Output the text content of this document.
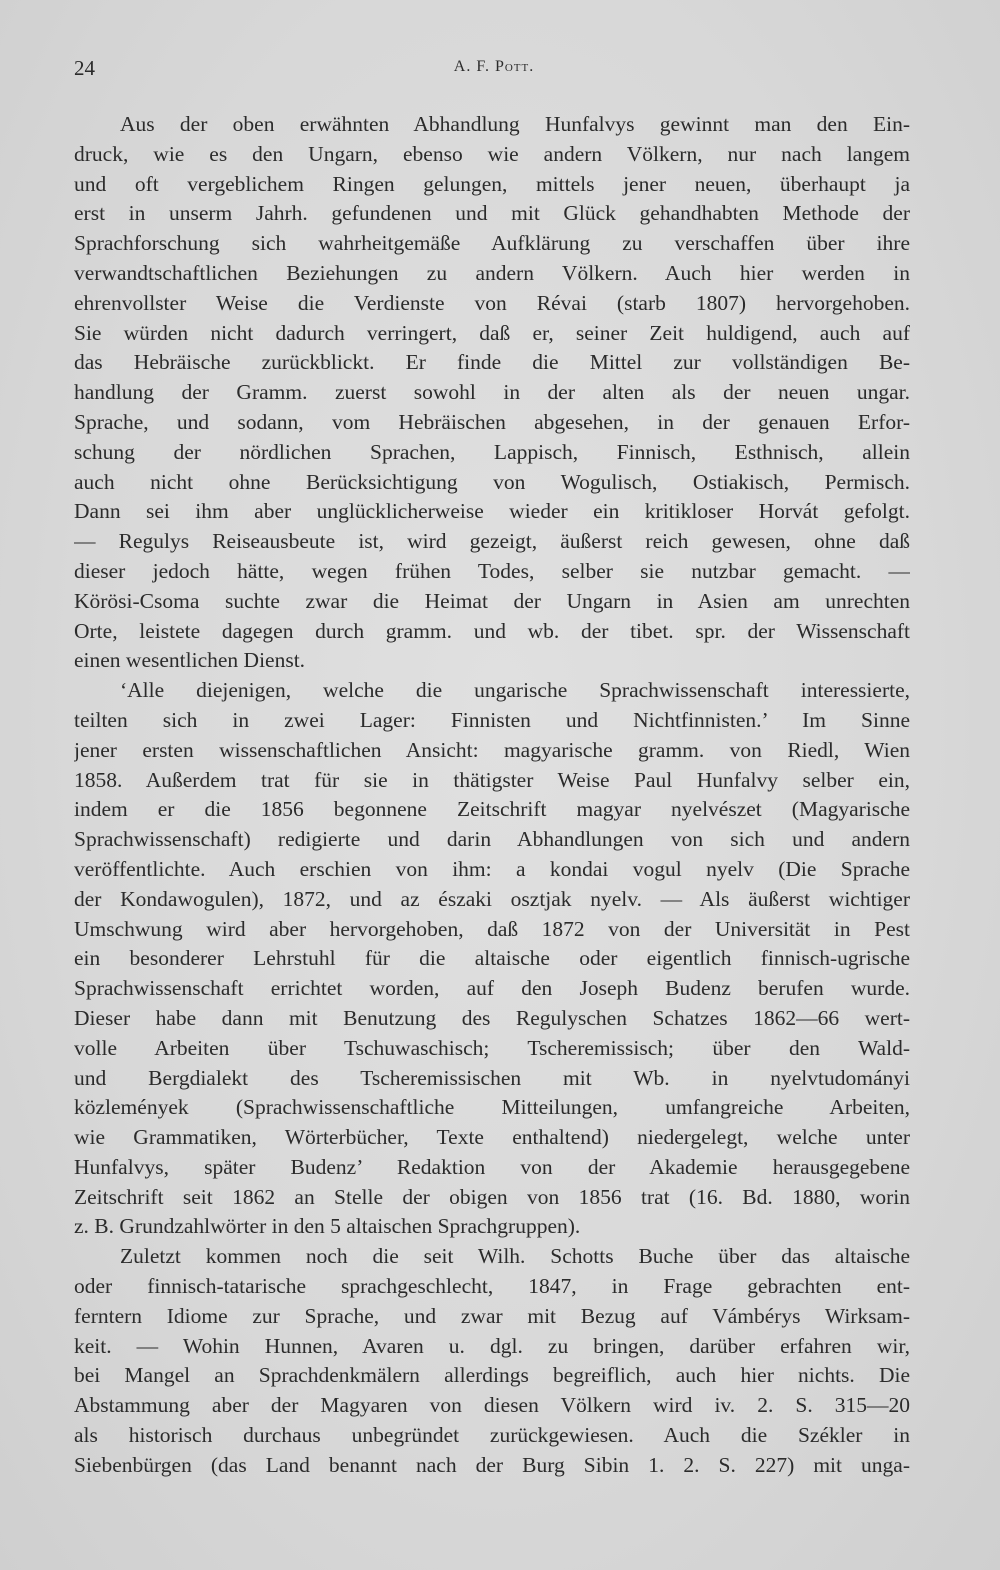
24	A. F. Pott.
Aus der oben erwähnten Abhandlung Hunfalvys gewinnt man den Ein-
druck, wie es den Ungarn, ebenso wie andern Völkern, nur nach langem
und oft vergeblichem Ringen gelungen, mittels jener neuen, überhaupt ja
erst in unserm Jahrh. gefundenen und mit Glück gehandhabten Methode der
Sprachforschung sich wahrheitgemäße Aufklärung zu verschaffen über ihre
verwandtschaftlichen Beziehungen zu andern Völkern. Auch hier werden in
ehrenvollster Weise die Verdienste von Révai (starb 1807) hervorgehoben.
Sie würden nicht dadurch verringert, daß er, seiner Zeit huldigend, auch auf
das Hebräische zurückblickt. Er finde die Mittel zur vollständigen Be-
handlung der Gramm. zuerst sowohl in der alten als der neuen ungar.
Sprache, und sodann, vom Hebräischen abgesehen, in der genauen Erfor-
schung der nördlichen Sprachen, Lappisch, Finnisch, Esthnisch, allein
auch nicht ohne Berücksichtigung von Wogulisch, Ostiakisch, Permisch.
Dann sei ihm aber unglücklicherweise wieder ein kritikloser Horvát gefolgt.
— Regulys Reiseausbeute ist, wird gezeigt, äußerst reich gewesen, ohne daß
dieser jedoch hätte, wegen frühen Todes, selber sie nutzbar gemacht. —
Körösi-Csoma suchte zwar die Heimat der Ungarn in Asien am unrechten
Orte, leistete dagegen durch gramm. und wb. der tibet. spr. der Wissenschaft
einen wesentlichen Dienst.
‘Alle diejenigen, welche die ungarische Sprachwissenschaft interessierte,
teilten sich in zwei Lager: Finnisten und Nichtfinnisten.’ Im Sinne
jener ersten wissenschaftlichen Ansicht: magyarische gramm. von Riedl, Wien
1858. Außerdem trat für sie in thätigster Weise Paul Hunfalvy selber ein,
indem er die 1856 begonnene Zeitschrift magyar nyelvészet (Magyarische
Sprachwissenschaft) redigierte und darin Abhandlungen von sich und andern
veröffentlichte. Auch erschien von ihm: a kondai vogul nyelv (Die Sprache
der Kondawogulen), 1872, und az északi osztjak nyelv. — Als äußerst wichtiger
Umschwung wird aber hervorgehoben, daß 1872 von der Universität in Pest
ein besonderer Lehrstuhl für die altaische oder eigentlich finnisch-ugrische
Sprachwissenschaft errichtet worden, auf den Joseph Budenz berufen wurde.
Dieser habe dann mit Benutzung des Regulyschen Schatzes 1862—66 wert-
volle Arbeiten über Tschuwaschisch; Tscheremissisch; über den Wald-
und Bergdialekt des Tscheremissischen mit Wb. in nyelvtudományi
közlemények (Sprachwissenschaftliche Mitteilungen, umfangreiche Arbeiten,
wie Grammatiken, Wörterbücher, Texte enthaltend) niedergelegt, welche unter
Hunfalvys, später Budenz’ Redaktion von der Akademie herausgegebene
Zeitschrift seit 1862 an Stelle der obigen von 1856 trat (16. Bd. 1880, worin
z. B. Grundzahlwörter in den 5 altaischen Sprachgruppen).
Zuletzt kommen noch die seit Wilh. Schotts Buche über das altaische
oder finnisch-tatarische sprachgeschlecht, 1847, in Frage gebrachten ent-
ferntern Idiome zur Sprache, und zwar mit Bezug auf Vámbérys Wirksam-
keit. — Wohin Hunnen, Avaren u. dgl. zu bringen, darüber erfahren wir,
bei Mangel an Sprachdenkmälern allerdings begreiflich, auch hier nichts. Die
Abstammung aber der Magyaren von diesen Völkern wird iv. 2. S. 315—20
als historisch durchaus unbegründet zurückgewiesen. Auch die Székler in
Siebenbürgen (das Land benannt nach der Burg Sibin 1. 2. S. 227) mit unga-
